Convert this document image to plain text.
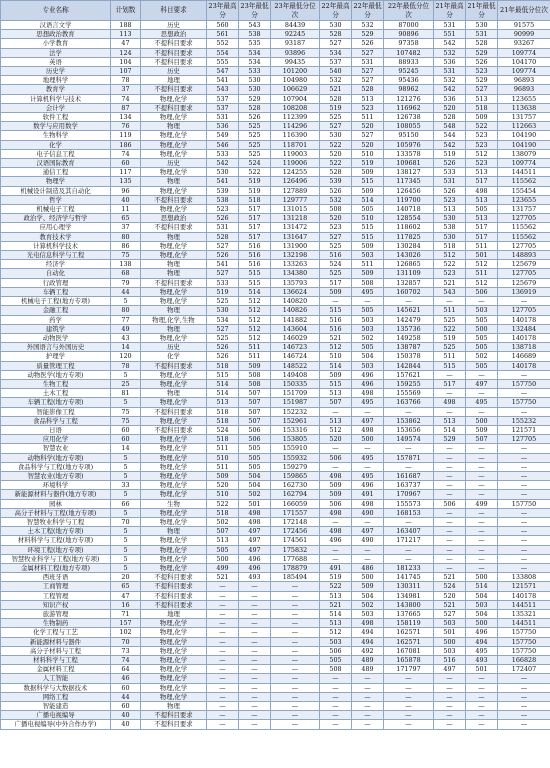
专业名称	计划数	科目要求	23年最高分	23年最低分	23年最低分位次	22年最高分	22年最低分	22年最低分位次	21年最高分	21年最低分	21年最低分位次
汉语言文学	188	历史	560	543	84439	530	532	87000	531	530	91575
思想政治教育	113	思想政治	561	538	92245	528	529	90896	551	531	90999
小学教育	47	不提科目要求	552	535	93187	527	526	97358	542	528	93267
法学	124	不提科目要求	554	534	93896	534	527	107482	532	529	109774
英语	104	不提科目要求	555	534	99435	537	531	88933	536	526	104170
历史学	107	历史	547	533	101200	540	527	95245	531	523	109774
地理科学	78	地理	541	530	104980	532	527	95436	532	529	96893
教育学	37	不提科目要求	543	530	106629	521	528	98962	542	527	96893
计算机科学与技术	74	物理,化学	537	529	107904	528	513	121276	536	513	123655
会计学	87	不提科目要求	537	528	108208	519	523	116962	520	518	113638
软件工程	134	物理,化学	531	526	112399	525	511	126738	528	509	131757
数学与应用数学	76	物理	536	525	114296	527	520	108055	548	522	112663
生物科学	119	物理,化学	549	525	116390	530	527	95150	544	523	104190
化学	186	物理,化学	546	525	118701	522	520	105976	542	523	104190
电子信息工程	74	物理,化学	533	525	119003	520	510	133578	519	512	138079
汉语国际教育	60	历史	542	524	119006	522	519	109681	526	523	109774
通信工程	117	物理,化学	530	522	124255	528	509	138127	533	513	144511
物理学	135	物理	541	519	126496	539	515	117345	531	517	115562
机械设计制造及其自动化	96	物理,化学	539	519	127889	526	509	126456	526	498	155454
哲学	40	不提科目要求	538	518	129777	532	514	119700	523	513	123655
机械电子工程	11	物理,化学	523	517	131015	508	505	140718	513	505	131757
政治学、经济学与哲学	65	思想政治	526	517	131218	520	510	128554	530	513	127705
应用心理学	37	不提科目要求	531	517	131472	523	515	118602	538	517	115562
教育技术学	80	物理	528	517	131647	527	515	117825	530	517	115562
计算机科学技术	86	物理,化学	527	516	131900	525	509	130284	518	511	127705
光电信息科学与工程	75	物理,化学	526	516	132198	516	503	143026	512	501	148893
经济学	138	物理	541	516	133263	524	511	126865	522	512	125679
自动化	68	物理	527	515	134380	525	509	131109	523	511	127705
行政管理	79	不提科目要求	533	515	135793	517	508	132857	521	512	125679
车辆工程	44	物理,化学	519	514	136624	509	495	160702	543	506	136919
机械电子工程(地方专项)	5	物理,化学	525	512	140820	—	—	—	—	—	—
金融工程	80	物理	530	512	140826	515	505	145621	511	503	127705
药学	77	物理,化学,生物	534	512	141882	516	503	142479	525	505	140178
建筑学	49	物理	527	512	143604	516	503	135736	522	500	132484
动物医学	43	物理,化学	525	512	146029	521	502	149258	519	505	140178
外国语言与外国历史	14	历史	526	511	146723	512	505	138787	525	505	138718
护理学	120	化学	526	511	146724	510	504	150378	511	502	146689
质量管理工程	78	不提科目要求	518	509	148522	514	503	142844	515	505	140178
动物医学(地方专项)	5	物理,化学	515	508	149408	509	496	157621	—	—	—
生物工程	25	物理,化学	514	508	150335	515	496	159255	517	497	157750
土木工程	81	物理	514	507	151709	513	498	155569	—	—	—
车辆工程(地方专项)	5	物理,化学	513	507	151987	507	495	163766	498	495	157750
智能影像工程	75	不提科目要求	518	507	152232	—	—	—	—	—	—
食品科学与工程	75	物理,化学	518	507	152961	513	497	153862	513	500	155232
日语	60	不提科目要求	524	506	153316	512	498	153656	514	509	121571
应用化学	60	物理,化学	518	506	153805	520	500	149574	529	507	127705
智慧农业	14	物理,化学	511	505	155910	—	—	—	—	—	—
动物科学(地方专项)	5	物理,化学	510	505	155932	506	495	157871	—	—	—
食品科学与工程(地方专项)	5	物理,化学	511	505	159279	—	—	—	—	—	—
智慧农业(地方专项)	5	物理,化学	509	504	159865	498	495	161687	—	—	—
环境科学	33	物理,化学	520	504	162730	509	496	163737	—	—	—
新能源材料与器件(地方专项)	5	物理,化学	510	502	162794	509	491	170967	—	—	—
园林	66	生物	522	501	166059	506	498	155573	506	499	157750
高分子材料与工程(地方专项)	5	物理,化学	518	498	171557	498	490	168153	—	—	—
智慧牧业科学与工程	70	物理,化学	502	498	172148	—	—	—	—	—	—
土木工程(地方专项)	5	物理	507	497	172456	498	497	163407	—	—	—
材料科学与工程(地方专项)	5	物理,化学	513	497	174561	496	490	171217	—	—	—
环境工程(地方专项)	5	物理,化学	505	497	175832	—	—	—	—	—	—
智慧牧业科学与工程(地方专项)	5	物理,化学	500	496	177688	—	—	—	—	—	—
金属材料工程(地方专项)	5	物理,化学	499	496	178879	491	486	181233	—	—	—
西班牙语	20	不提科目要求	521	493	185494	519	500	141745	521	500	133808
工商管理	65	不提科目要求	—	—	—	522	509	130311	524	514	121571
工程管理	47	不提科目要求	—	—	—	513	504	134981	520	504	140178
知识产权	16	不提科目要求	—	—	—	521	502	143800	521	503	144511
旅游管理	71	地理	—	—	—	514	503	137665	527	504	135321
生物制药	157	物理,化学	—	—	—	513	498	158119	503	500	144511
化学工程与工艺	102	物理,化学	—	—	—	512	494	162571	501	496	157750
新能源材料与器件	70	物理,化学	—	—	—	503	494	162571	500	494	157750
高分子材料与工程	73	物理,化学	—	—	—	506	492	167081	503	495	157750
材料科学与工程	74	物理,化学	—	—	—	505	489	165878	516	493	166828
金属材料工程	64	物理,化学	—	—	—	508	489	171797	497	501	172407
人工智能	46	物理,化学	—	—	—	—	—	—	—	—	—
数据科学与大数据技术	60	物理,化学	—	—	—	—	—	—	—	—	—
网络工程	44	物理,化学	—	—	—	—	—	—	—	—	—
智能建造	60	物理	—	—	—	—	—	—	—	—	—
广播电视编导	40	不提科目要求	—	—	—	—	—	—	—	—	—
广播电视编导(中外合作办学)	40	不提科目要求	—	—	—	—	—	—	—	—	—
